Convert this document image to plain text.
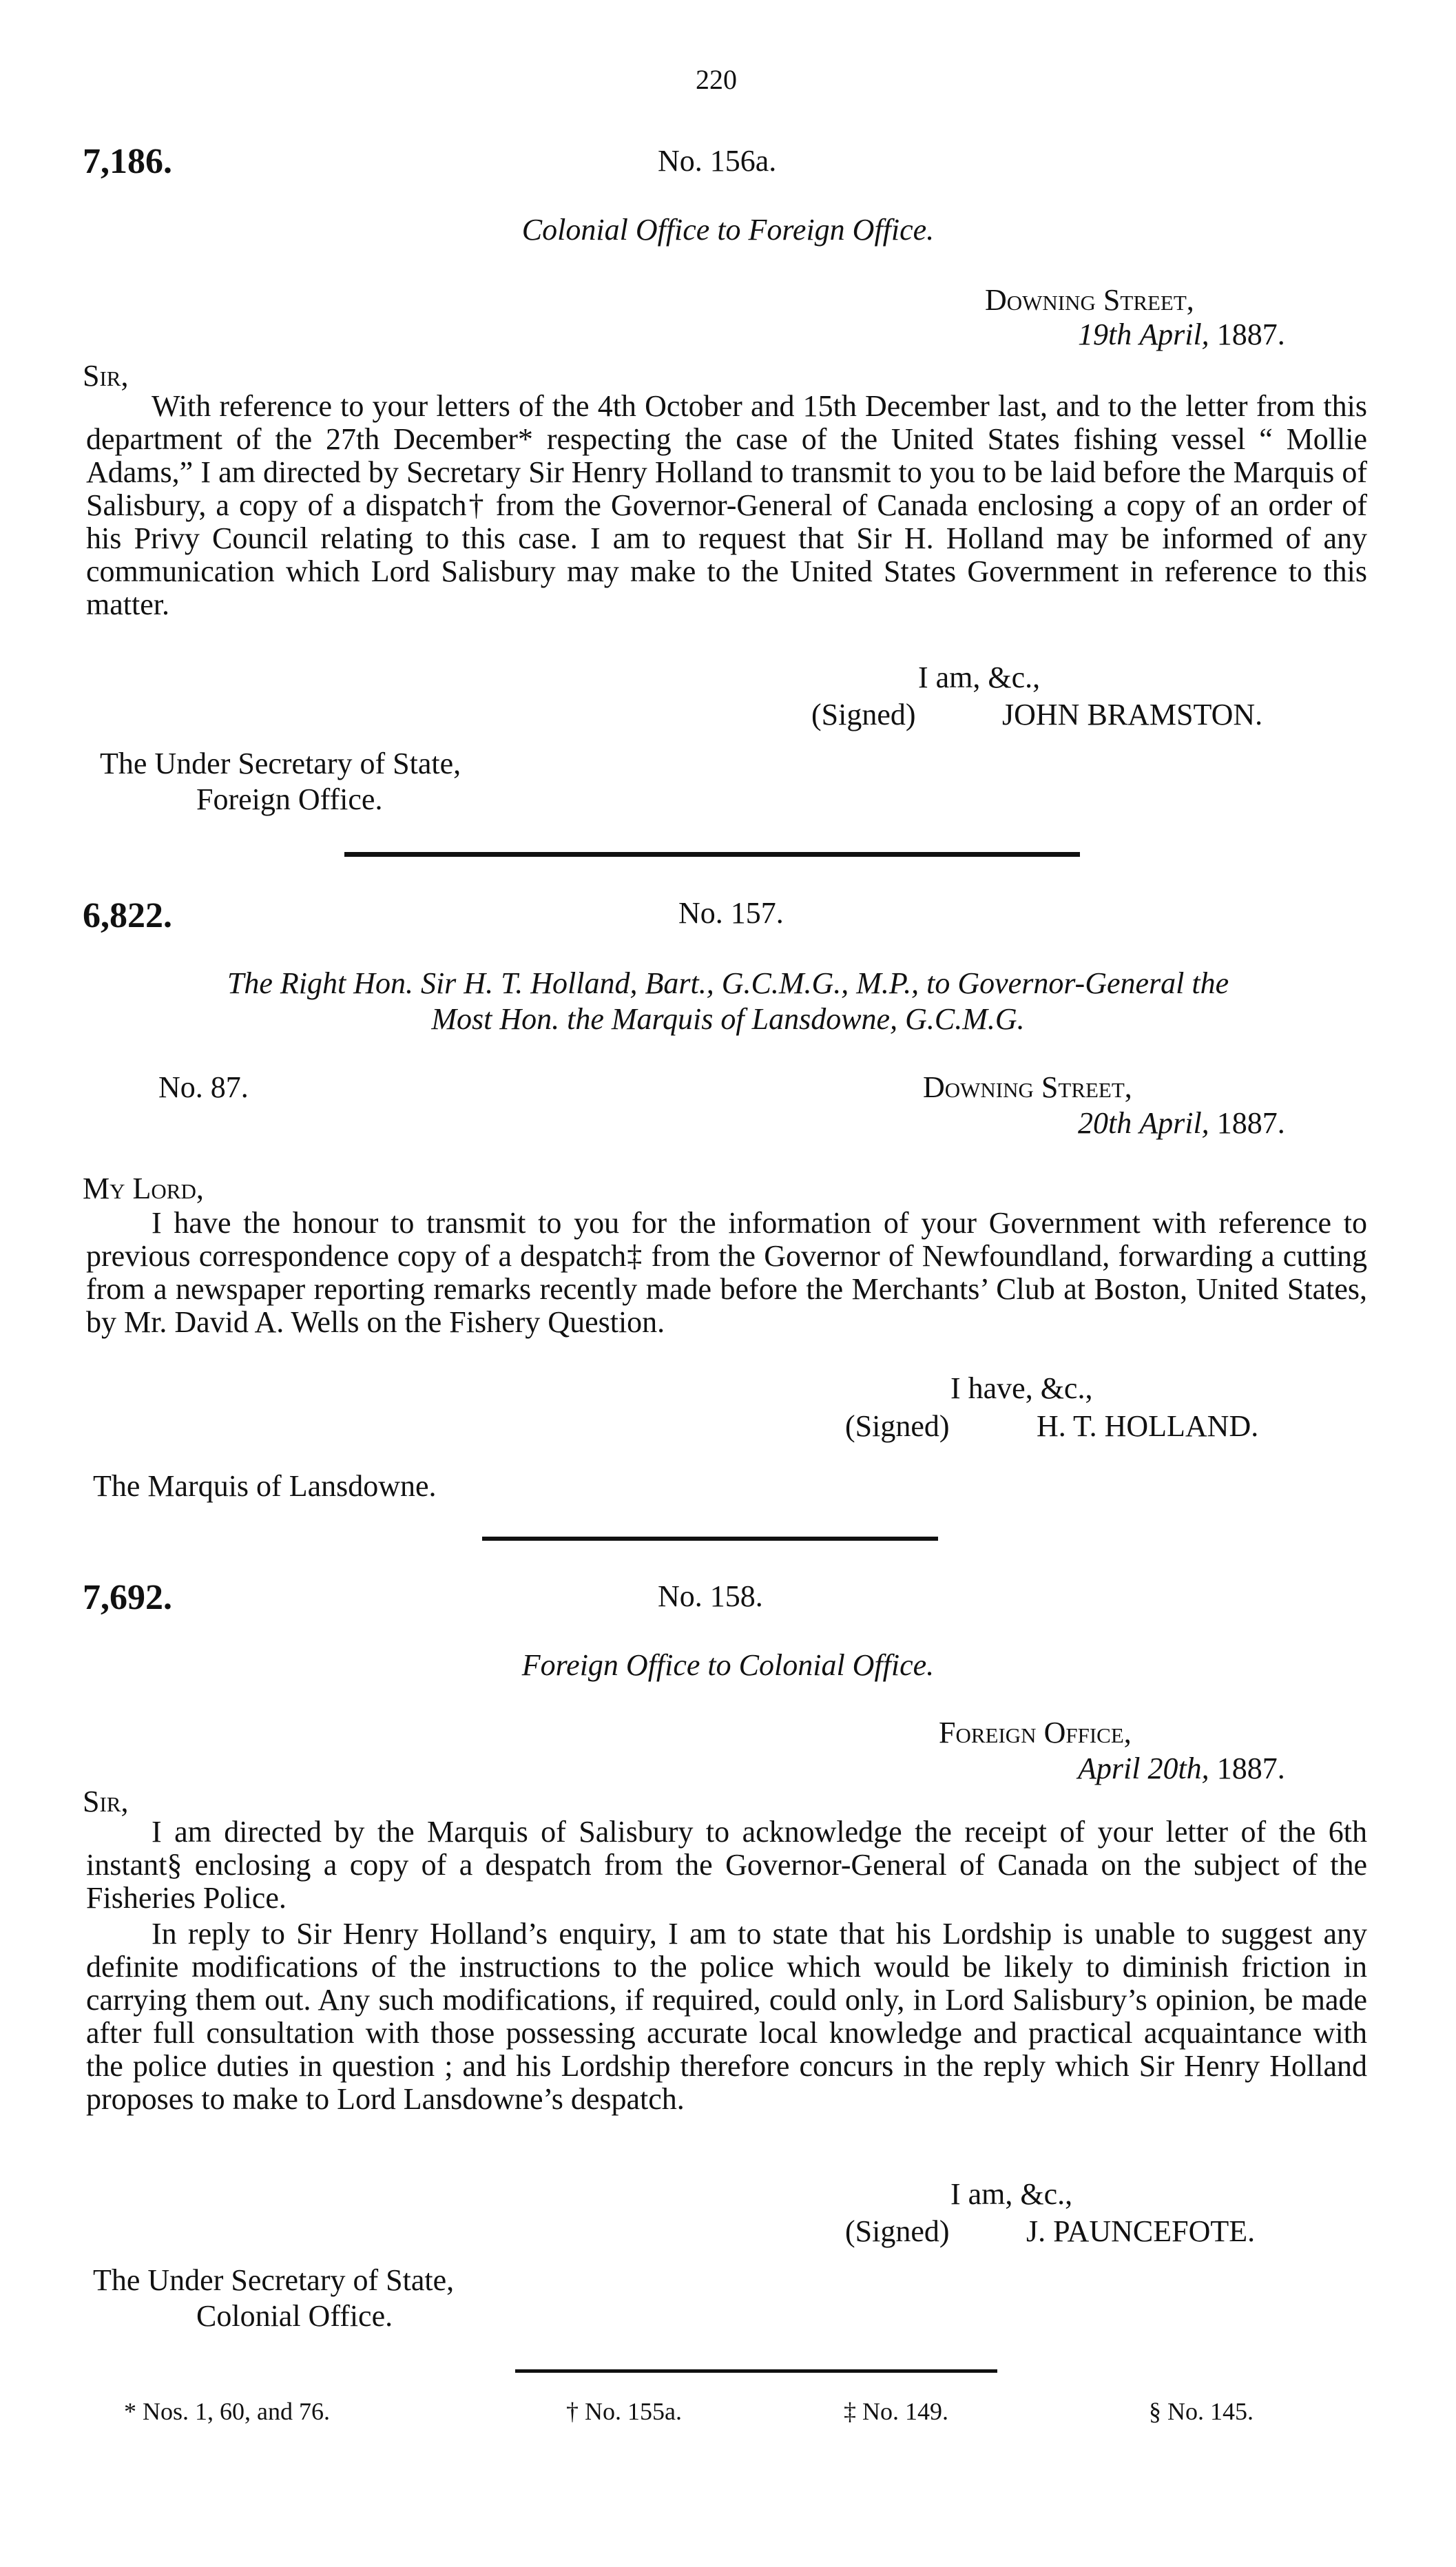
220
7,186.	No. 156a.
Colonial Office to Foreign Office.
Downing Street,
19th April, 1887.
Sir,
With reference to your letters of the 4th October and 15th December last, and to the letter from this department of the 27th December* respecting the case of the United States fishing vessel “ Mollie Adams,” I am directed by Secretary Sir Henry Holland to transmit to you to be laid before the Marquis of Salisbury, a copy of a dispatch† from the Governor-General of Canada enclosing a copy of an order of his Privy Council relating to this case. I am to request that Sir H. Holland may be informed of any communication which Lord Salisbury may make to the United States Government in reference to this matter.
I am, &c.,
(Signed)	JOHN BRAMSTON.
The Under Secretary of State,
Foreign Office.
6,822.	No. 157.
The Right Hon. Sir H. T. Holland, Bart., G.C.M.G., M.P., to Governor-General the
Most Hon. the Marquis of Lansdowne, G.C.M.G.
No. 87.	Downing Street,
20th April, 1887.
My Lord,
I have the honour to transmit to you for the information of your Government with reference to previous correspondence copy of a despatch‡ from the Governor of Newfoundland, forwarding a cutting from a newspaper reporting remarks recently made before the Merchants’ Club at Boston, United States, by Mr. David A. Wells on the Fishery Question.
I have, &c.,
(Signed)	H. T. HOLLAND.
The Marquis of Lansdowne.
7,692.	No. 158.
Foreign Office to Colonial Office.
Foreign Office,
April 20th, 1887.
Sir,
I am directed by the Marquis of Salisbury to acknowledge the receipt of your letter of the 6th instant§ enclosing a copy of a despatch from the Governor-General of Canada on the subject of the Fisheries Police.
In reply to Sir Henry Holland’s enquiry, I am to state that his Lordship is unable to suggest any definite modifications of the instructions to the police which would be likely to diminish friction in carrying them out. Any such modifications, if required, could only, in Lord Salisbury’s opinion, be made after full consultation with those possessing accurate local knowledge and practical acquaintance with the police duties in question ; and his Lordship therefore concurs in the reply which Sir Henry Holland proposes to make to Lord Lansdowne’s despatch.
I am, &c.,
(Signed)	J. PAUNCEFOTE.
The Under Secretary of State,
Colonial Office.
* Nos. 1, 60, and 76.	† No. 155a.	‡ No. 149.	§ No. 145.
